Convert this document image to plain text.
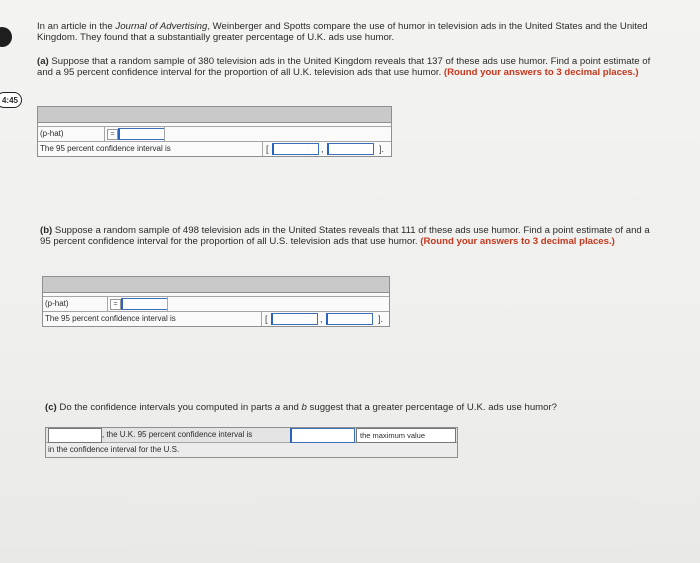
4:45
In an article in the Journal of Advertising, Weinberger and Spotts compare the use of humor in television ads in the United States and the United Kingdom. They found that a substantially greater percentage of U.K. ads use humor.
(a) Suppose that a random sample of 380 television ads in the United Kingdom reveals that 137 of these ads use humor. Find a point estimate of and a 95 percent confidence interval for the proportion of all U.K. television ads that use humor. (Round your answers to 3 decimal places.)
(p-hat)	=
The 95 percent confidence interval is	[	,	].
(b) Suppose a random sample of 498 television ads in the United States reveals that 111 of these ads use humor. Find a point estimate of and a 95 percent confidence interval for the proportion of all U.S. television ads that use humor. (Round your answers to 3 decimal places.)
(p-hat)	=
The 95 percent confidence interval is	[	,	].
(c) Do the confidence intervals you computed in parts a and b suggest that a greater percentage of U.K. ads use humor?
, the U.K. 95 percent confidence interval is	the maximum value
in the confidence interval for the U.S.
